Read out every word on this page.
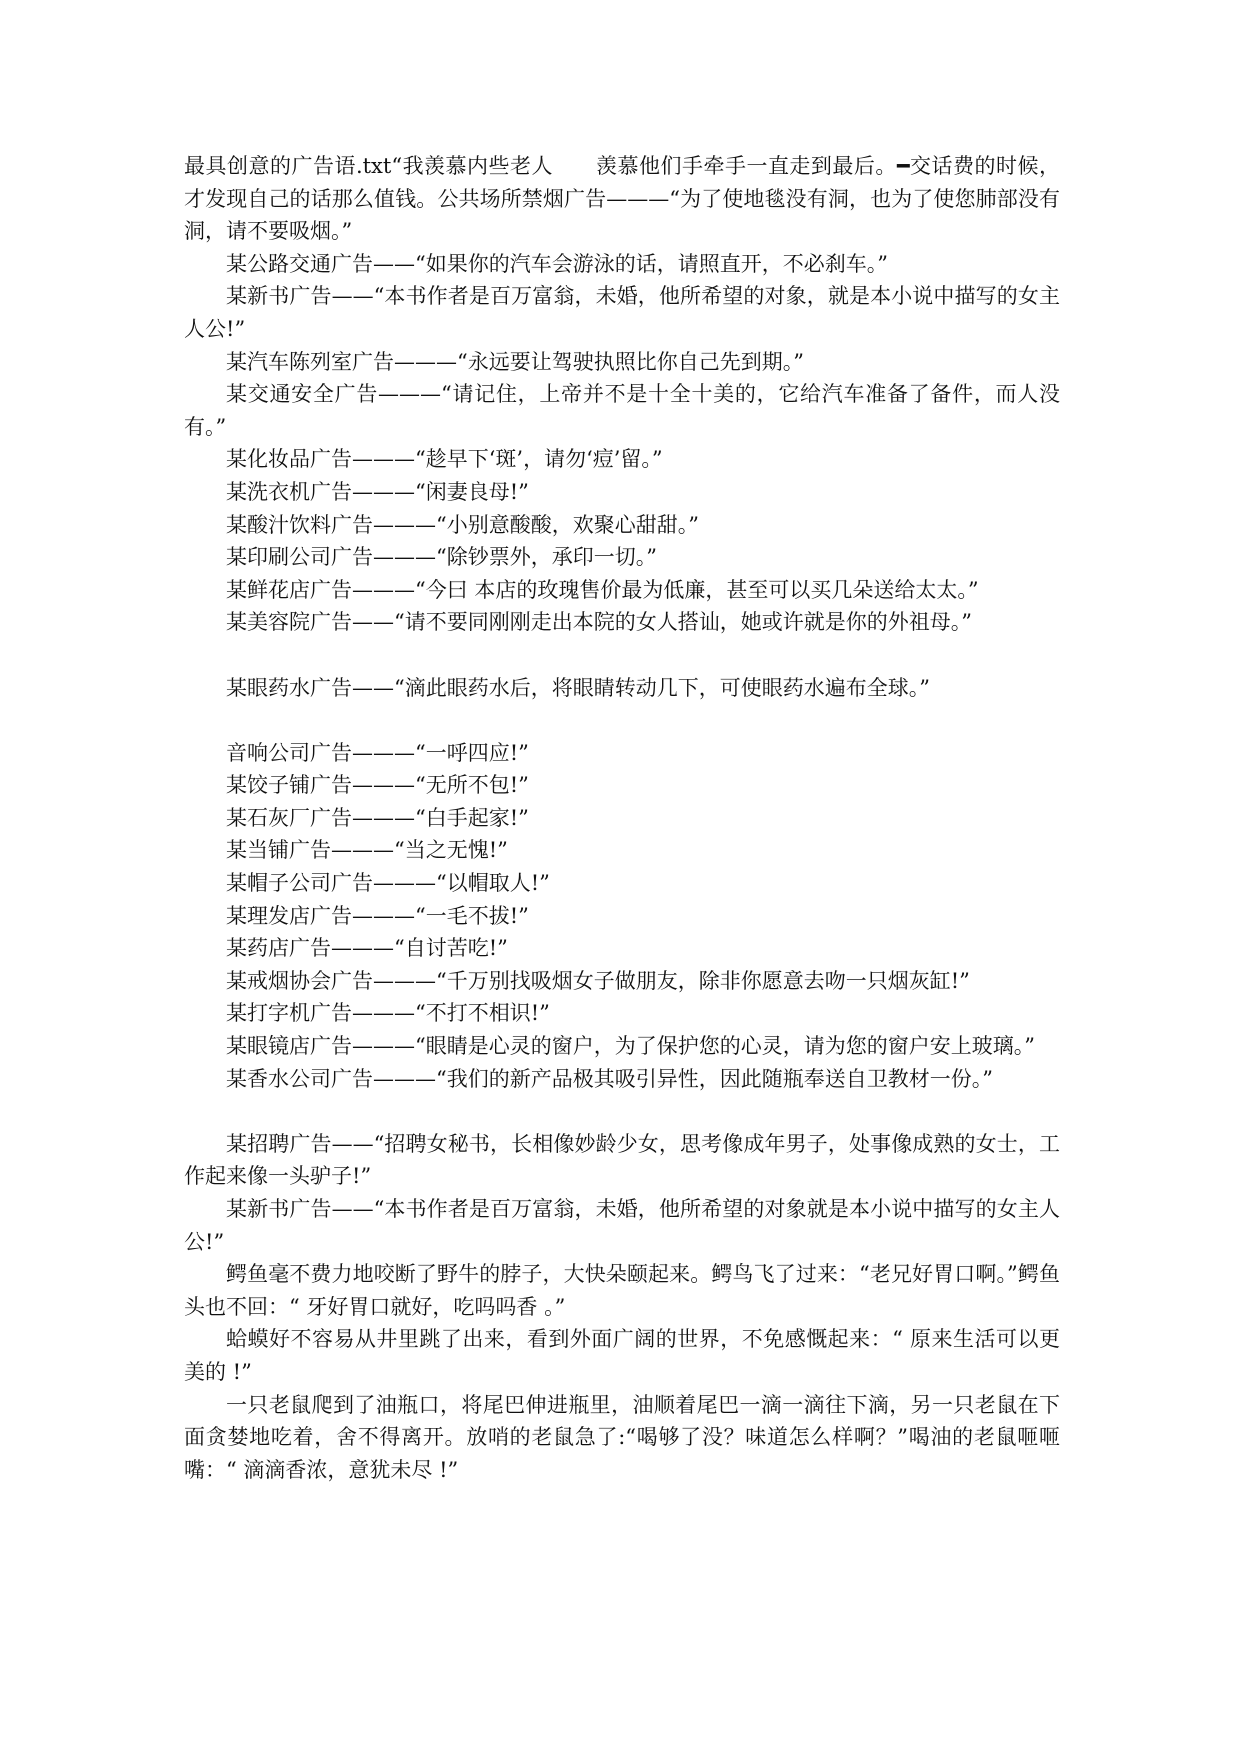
最具创意的广告语.txt“我羡慕内些老人　　羡慕他们手牵手一直走到最后。━交话费的时候，才发现自己的话那么值钱。公共场所禁烟广告———“为了使地毯没有洞，也为了使您肺部没有洞，请不要吸烟。”

某公路交通广告——“如果你的汽车会游泳的话，请照直开，不必刹车。”

某新书广告——“本书作者是百万富翁，未婚，他所希望的对象，就是本小说中描写的女主人公!”

某汽车陈列室广告———“永远要让驾驶执照比你自己先到期。”

某交通安全广告———“请记住，上帝并不是十全十美的，它给汽车准备了备件，而人没有。”

某化妆品广告———“趁早下‘斑’，请勿‘痘’留。”

某洗衣机广告———“闲妻良母!”

某酸汁饮料广告———“小别意酸酸，欢聚心甜甜。”

某印刷公司广告———“除钞票外，承印一切。”

某鲜花店广告———“今曰 本店的玫瑰售价最为低廉，甚至可以买几朵送给太太。”

某美容院广告——“请不要同刚刚走出本院的女人搭讪，她或许就是你的外祖母。”

某眼药水广告——“滴此眼药水后，将眼睛转动几下，可使眼药水遍布全球。”

音响公司广告———“一呼四应!”

某饺子铺广告———“无所不包!”

某石灰厂广告———“白手起家!”

某当铺广告———“当之无愧!”

某帽子公司广告———“以帽取人!”

某理发店广告———“一毛不拔!”

某药店广告———“自讨苦吃!”

某戒烟协会广告———“千万别找吸烟女子做朋友，除非你愿意去吻一只烟灰缸!”

某打字机广告———“不打不相识!”

某眼镜店广告———“眼睛是心灵的窗户，为了保护您的心灵，请为您的窗户安上玻璃。”

某香水公司广告———“我们的新产品极其吸引异性，因此随瓶奉送自卫教材一份。”

某招聘广告——“招聘女秘书，长相像妙龄少女，思考像成年男子，处事像成熟的女士，工作起来像一头驴子!”

某新书广告——“本书作者是百万富翁，未婚，他所希望的对象就是本小说中描写的女主人公!”

鳄鱼毫不费力地咬断了野牛的脖子，大快朵颐起来。鳄鸟飞了过来：“老兄好胃口啊。”鳄鱼头也不回：“ 牙好胃口就好，吃吗吗香 。”

蛤蟆好不容易从井里跳了出来，看到外面广阔的世界，不免感慨起来：“ 原来生活可以更美的 !”

一只老鼠爬到了油瓶口，将尾巴伸进瓶里，油顺着尾巴一滴一滴往下滴，另一只老鼠在下面贪婪地吃着，舍不得离开。放哨的老鼠急了:“喝够了没？味道怎么样啊？”喝油的老鼠咂咂嘴：“ 滴滴香浓，意犹未尽 !”
